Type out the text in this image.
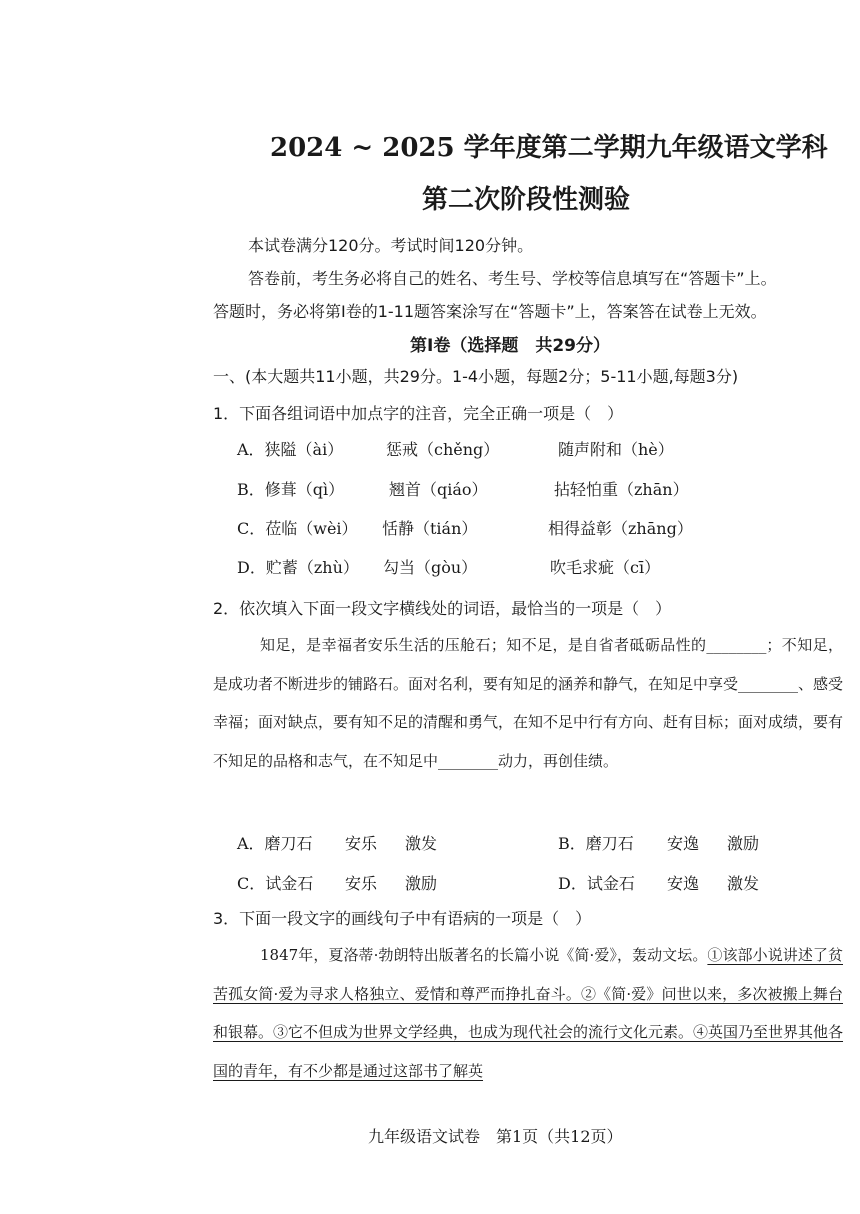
2024 ~ 2025 学年度第二学期九年级语文学科
第二次阶段性测验
本试卷满分120分。考试时间120分钟。
答卷前，考生务必将自己的姓名、考生号、学校等信息填写在“答题卡”上。
答题时，务必将第Ⅰ卷的1-11题答案涂写在“答题卡”上，答案答在试卷上无效。
第Ⅰ卷（选择题　共29分）
一、(本大题共11小题，共29分。1-4小题，每题2分；5-11小题,每题3分)
1．下面各组词语中加点字的注音，完全正确一项是（　）
A．狭隘（ài）	惩戒（chěng）	随声附和（hè）
B．修葺（qì）	翘首（qiáo）	拈轻怕重（zhān）
C．莅临（wèi） 恬静（tián）	相得益彰（zhāng）
D．贮蓄（zhù） 勾当（gòu）	吹毛求疵（cī）
2．依次填入下面一段文字横线处的词语，最恰当的一项是（　）
知足，是幸福者安乐生活的压舱石；知不足，是自省者砥砺品性的________；不知足，是成功者不断进步的铺路石。面对名利，要有知足的涵养和静气，在知足中享受________、感受幸福；面对缺点，要有知不足的清醒和勇气，在知不足中行有方向、赶有目标；面对成绩，要有不知足的品格和志气，在不知足中________动力，再创佳绩。
A．磨刀石 安乐 激发	B．磨刀石 安逸 激励
C．试金石 安乐 激励	D．试金石 安逸 激发
3．下面一段文字的画线句子中有语病的一项是（　）
1847年，夏洛蒂·勃朗特出版著名的长篇小说《简·爱》，轰动文坛。①该部小说讲述了贫苦孤女简·爱为寻求人格独立、爱情和尊严而挣扎奋斗。②《简·爱》问世以来，多次被搬上舞台和银幕。③它不但成为世界文学经典，也成为现代社会的流行文化元素。④英国乃至世界其他各国的青年，有不少都是通过这部书了解英
九年级语文试卷　第1页（共12页）
